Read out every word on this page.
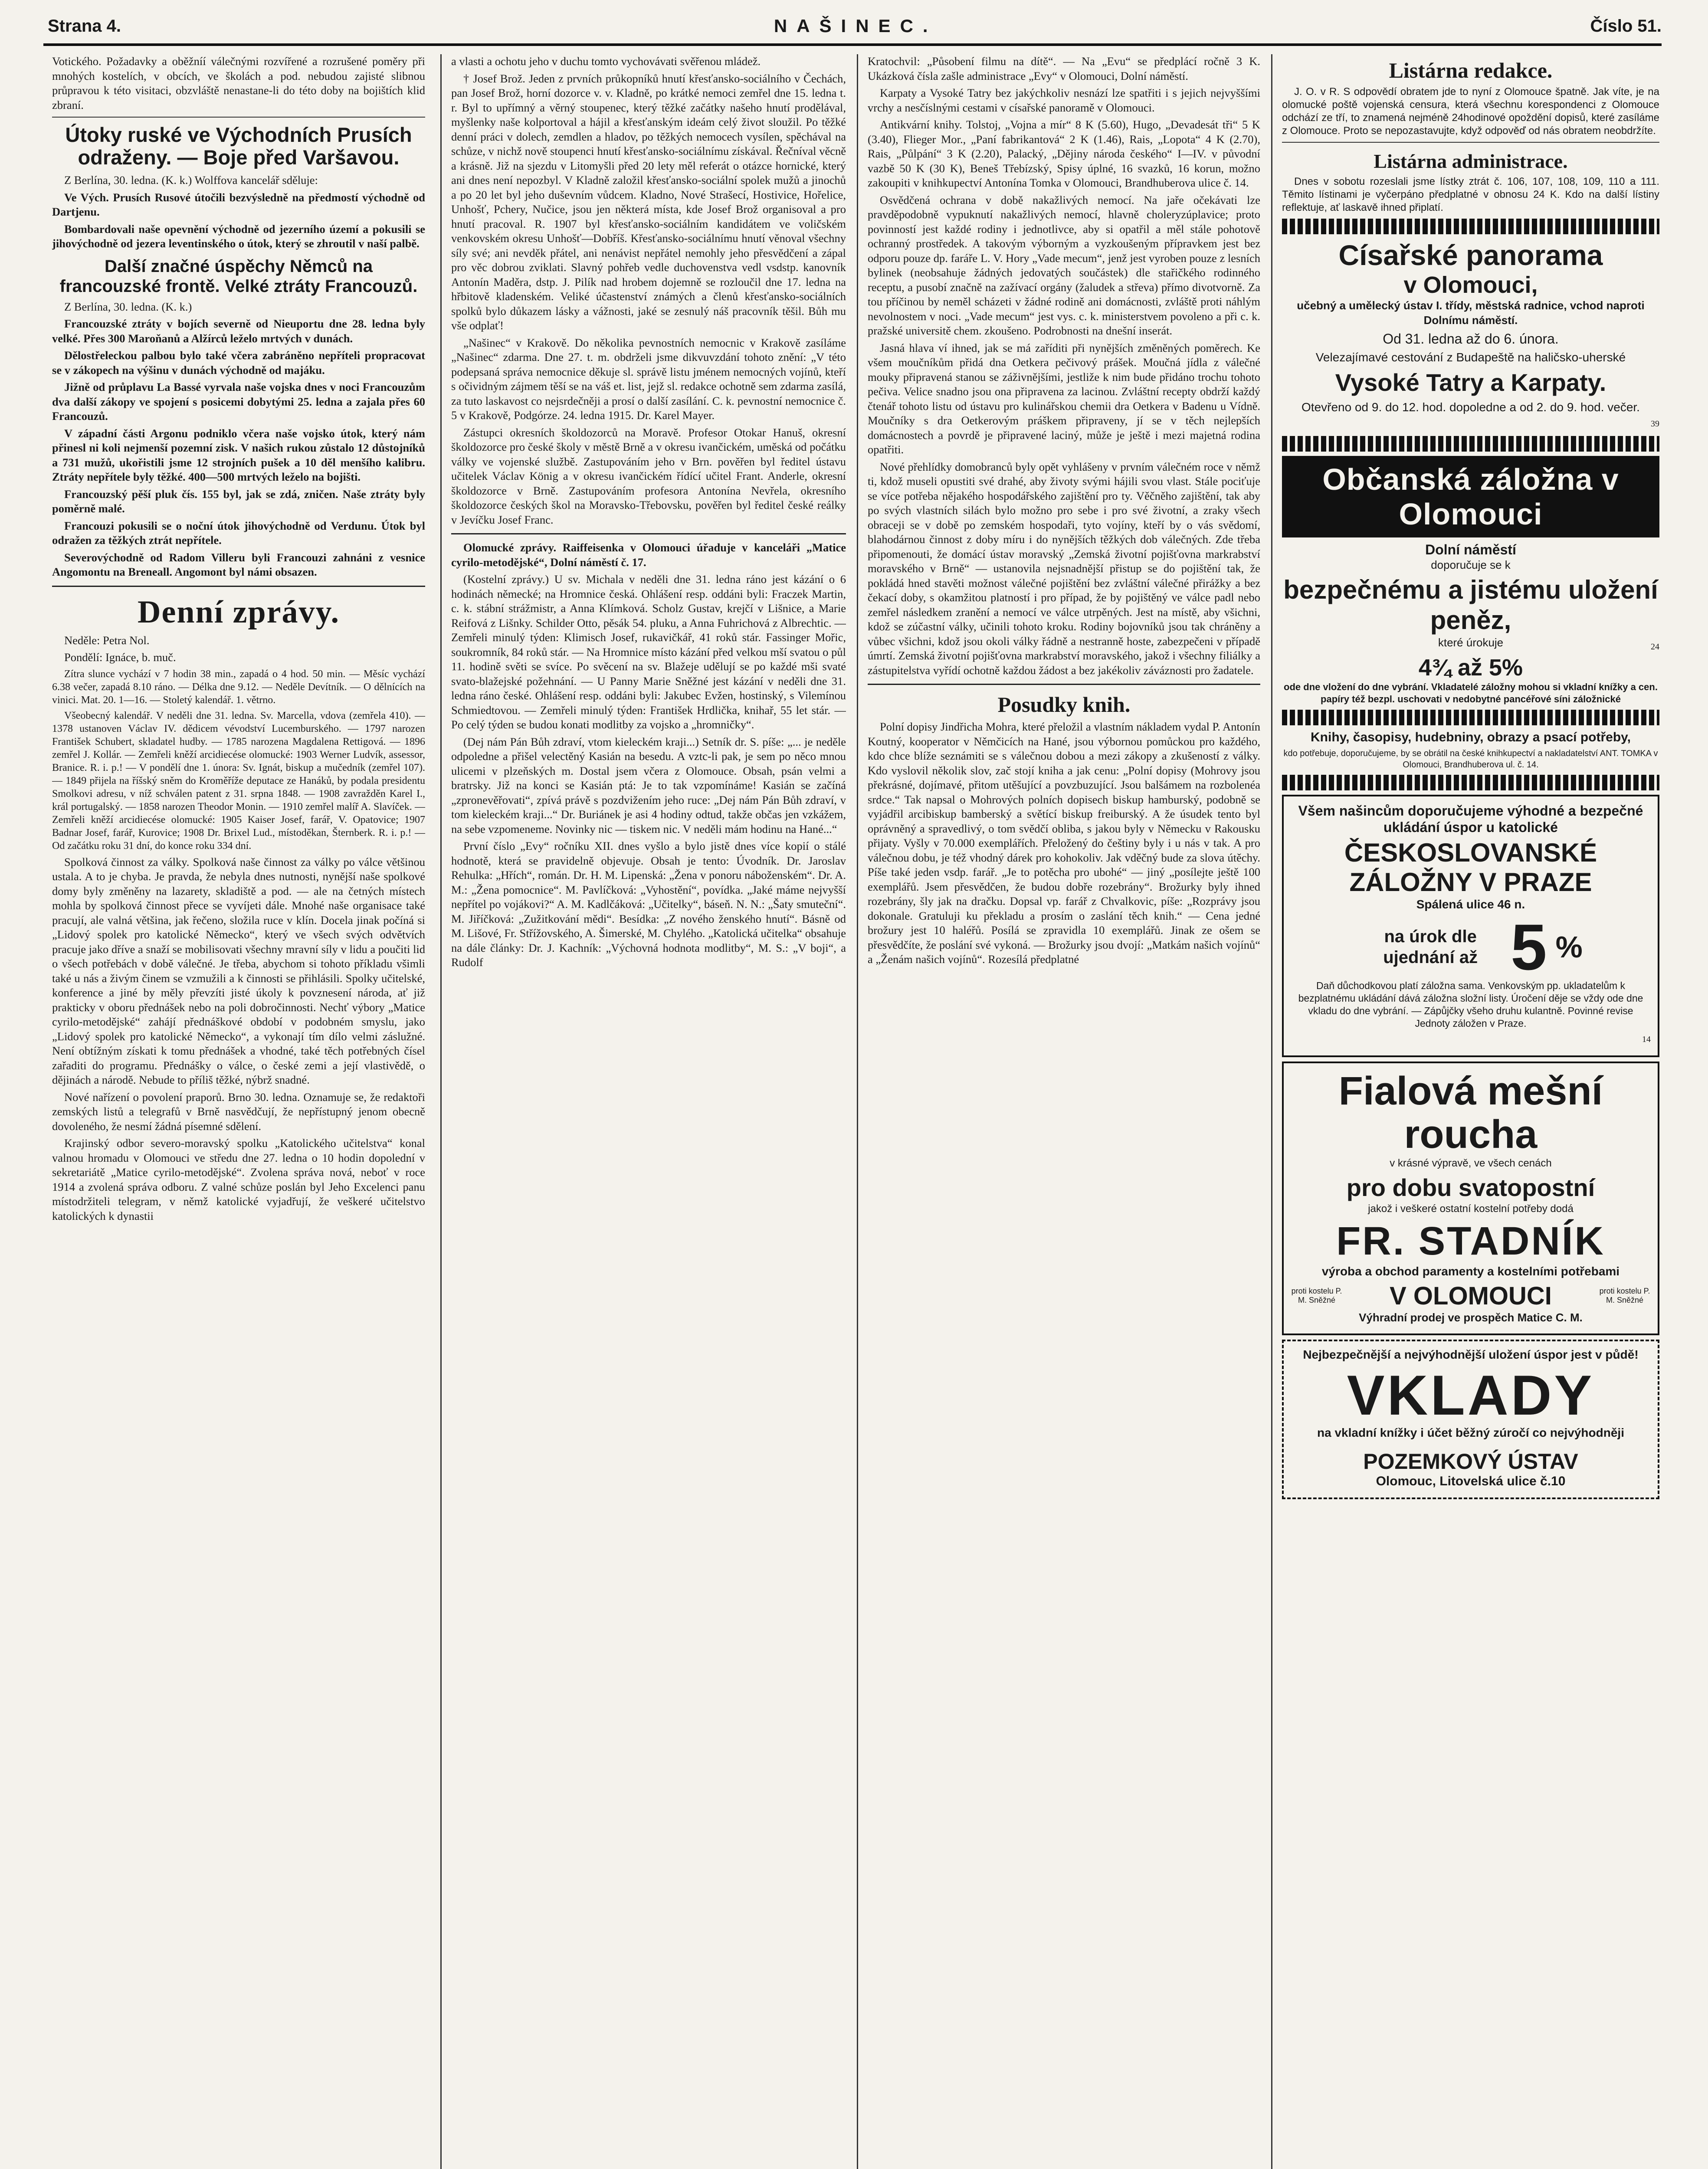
Strana 4.	NAŠINEC.	Číslo 51.

Votického. Požadavky a oběžníí válečnými rozvířené a rozrušené poměry při mnohých kostelích, v obcích, ve školách a pod. nebudou zajisté slibnou průpravou k této visitaci, obzvláště nenastane-li do této doby na bojištích klid zbraní.

Útoky ruské ve Východních Prusích odraženy. — Boje před Varšavou.

Z Berlína, 30. ledna. (K. k.) Wolffova kancelář sděluje:

Ve Vých. Prusích Rusové útočili bezvýsledně na předmostí východně od Dartjenu.

Bombardovali naše opevnění východně od jezerního území a pokusili se jihovýchodně od jezera leventinského o útok, který se zhroutil v naší palbě.

Další značné úspěchy Němců na francouzské frontě. Velké ztráty Francouzů.

Z Berlína, 30. ledna. (K. k.)

Francouzské ztráty v bojích severně od Nieuportu dne 28. ledna byly velké. Přes 300 Maroňanů a Alžírců leželo mrtvých v dunách.

Dělostřeleckou palbou bylo také včera zabráněno nepříteli propracovat se v zákopech na výšinu v dunách východně od majáku.

Jižně od průplavu La Bassé vyrvala naše vojska dnes v noci Francouzům dva další zákopy ve spojení s posicemi dobytými 25. ledna a zajala přes 60 Francouzů.

V západní části Argonu podniklo včera naše vojsko útok, který nám přinesl ni koli nejmenší pozemní zisk. V našich rukou zůstalo 12 důstojníků a 731 mužů, ukořistili jsme 12 strojních pušek a 10 děl menšího kalibru. Ztráty nepřítele byly těžké. 400—500 mrtvých leželo na bojišti.

Francouzský pěší pluk čís. 155 byl, jak se zdá, zničen. Naše ztráty byly poměrně malé.

Francouzi pokusili se o noční útok jihovýchodně od Verdunu. Útok byl odražen za těžkých ztrát nepřítele.

Severovýchodně od Radom Villeru byli Francouzi zahnáni z vesnice Angomontu na Breneall. Angomont byl námi obsazen.

Denní zprávy.

Neděle: Petra Nol.

Pondělí: Ignáce, b. muč.

Zítra slunce vychází v 7 hodin 38 min., zapadá o 4 hod. 50 min. — Měsíc vychází 6.38 večer, zapadá 8.10 ráno. — Délka dne 9.12. — Neděle Devítník. — O dělnících na vinici. Mat. 20. 1—16. — Stoletý kalendář. 1. větrno.

Všeobecný kalendář. V neděli dne 31. ledna. Sv. Marcella, vdova (zemřela 410). — 1378 ustanoven Václav IV. dědicem vévodství Lucemburského. — 1797 narozen František Schubert, skladatel hudby. — 1785 narozena Magdalena Rettigová. — 1896 zemřel J. Kollár. — Zemřeli kněží arcidiecése olomucké: 1903 Werner Ludvík, assessor, Branice. R. i. p.! — V pondělí dne 1. února: Sv. Ignát, biskup a mučedník (zemřel 107). — 1849 přijela na říšský sněm do Kroměříže deputace ze Hanáků, by podala presidentu Smolkovi adresu, v níž schválen patent z 31. srpna 1848. — 1908 zavražděn Karel I., král portugalský. — 1858 narozen Theodor Monin. — 1910 zemřel malíř A. Slavíček. — Zemřeli kněží arcidiecése olomucké: 1905 Kaiser Josef, farář, V. Opatovice; 1907 Badnar Josef, farář, Kurovice; 1908 Dr. Brixel Lud., místoděkan, Šternberk. R. i. p.! — Od začátku roku 31 dní, do konce roku 334 dní.

Spolková činnost za války. Spolková naše činnost za války po válce většinou ustala. A to je chyba. Je pravda, že nebyla dnes nutnosti, nynější naše spolkové domy byly změněny na lazarety, skladiště a pod. — ale na četných místech mohla by spolková činnost přece se vyvíjeti dále. Mnohé naše organisace také pracují, ale valná většina, jak řečeno, složila ruce v klín. Docela jinak počíná si „Lidový spolek pro katolické Německo“, který ve všech svých odvětvích pracuje jako dříve a snaží se mobilisovati všechny mravní síly v lidu a poučiti lid o všech potřebách v době válečné. Je třeba, abychom si tohoto příkladu všimli také u nás a živým činem se vzmužili a k činnosti se přihlásili. Spolky učitelské, konference a jiné by měly převzíti jisté úkoly k povznesení národa, ať již prakticky v oboru přednášek nebo na poli dobročinnosti. Nechť výbory „Matice cyrilo-metodějské“ zahájí přednáškové období v podobném smyslu, jako „Lidový spolek pro katolické Německo“, a vykonají tím dílo velmi záslužné. Není obtížným získati k tomu přednášek a vhodné, také těch potřebných čísel zařaditi do programu. Přednášky o válce, o české zemi a její vlastivědě, o dějinách a národě. Nebude to příliš těžké, nýbrž snadné.

Nové nařízení o povolení praporů. Brno 30. ledna. Oznamuje se, že redaktoři zemských listů a telegrafů v Brně nasvědčují, že nepřístupný jenom obecně dovoleného, že nesmí žádná písemné sdělení.

Krajinský odbor severo-moravský spolku „Katolického učitelstva“ konal valnou hromadu v Olomouci ve středu dne 27. ledna o 10 hodin dopolední v sekretariátě „Matice cyrilo-metodějské“. Zvolena správa nová, neboť v roce 1914 a zvolená správa odboru. Z valné schůze poslán byl Jeho Excelenci panu místodržiteli telegram, v němž katolické vyjadřují, že veškeré učitelstvo katolických k dynastii

a vlasti a ochotu jeho v duchu tomto vychovávati svěřenou mládež.

† Josef Brož. Jeden z prvních průkopníků hnutí křesťansko-sociálního v Čechách, pan Josef Brož, horní dozorce v. v. Kladně, po krátké nemoci zemřel dne 15. ledna t. r. Byl to upřímný a věrný stoupenec, který těžké začátky našeho hnutí prodělával, myšlenky naše kolportoval a hájil a křesťanským ideám celý život sloužil. Po těžké denní práci v dolech, zemdlen a hladov, po těžkých nemocech vysílen, spěchával na schůze, v nichž nově stoupenci hnutí křesťansko-sociálnímu získával. Řečníval věcně a krásně. Již na sjezdu v Litomyšli před 20 lety měl referát o otázce hornické, který ani dnes není nepozbyl. V Kladně založil křesťansko-sociální spolek mužů a jinochů a po 20 let byl jeho duševním vůdcem. Kladno, Nové Strašecí, Hostivice, Hořelice, Unhošť, Pchery, Nučice, jsou jen některá místa, kde Josef Brož organisoval a pro hnutí pracoval. R. 1907 byl křesťansko-sociálním kandidátem ve voličském venkovském okresu Unhošť—Dobříš. Křesťansko-sociálnímu hnutí věnoval všechny síly své; ani nevděk přátel, ani nenávist nepřátel nemohly jeho přesvědčení a zápal pro věc dobrou zviklati. Slavný pohřeb vedle duchovenstva vedl vsdstp. kanovník Antonín Maděra, dstp. J. Pilík nad hrobem dojemně se rozloučil dne 17. ledna na hřbitově kladenském. Veliké účastenství známých a členů křesťansko-sociálních spolků bylo důkazem lásky a vážnosti, jaké se zesnulý náš pracovník těšil. Bůh mu vše odplať!

„Našinec“ v Krakově. Do několika pevnostních nemocnic v Krakově zasíláme „Našinec“ zdarma. Dne 27. t. m. obdrželi jsme dikvuvzdání tohoto znění: „V této podepsaná správa nemocnice děkuje sl. správě listu jménem nemocných vojínů, kteří s očividným zájmem těší se na váš et. list, jejž sl. redakce ochotně sem zdarma zasílá, za tuto laskavost co nejsrdečněji a prosí o další zasílání. C. k. pevnostní nemocnice č. 5 v Krakově, Podgórze. 24. ledna 1915. Dr. Karel Mayer.

Zástupci okresních školdozorců na Moravě. Profesor Otokar Hanuš, okresní školdozorce pro české školy v městě Brně a v okresu ivančickém, uměská od počátku války ve vojenské službě. Zastupováním jeho v Brn. pověřen byl ředitel ústavu učitelek Václav König a v okresu ivančickém řídící učitel Frant. Anderle, okresní školdozorce v Brně. Zastupováním profesora Antonína Nevřela, okresního školdozorce českých škol na Moravsko-Třebovsku, pověřen byl ředitel české reálky v Jevíčku Josef Franc.

Olomucké zprávy. Raiffeisenka v Olomouci úřaduje v kanceláři „Matice cyrilo-metodějské“, Dolní náměstí č. 17.

(Kostelní zprávy.) U sv. Michala v neděli dne 31. ledna ráno jest kázání o 6 hodinách německé; na Hromnice česká. Ohlášení resp. oddáni byli: Fraczek Martin, c. k. stábní strážmistr, a Anna Klímková. Scholz Gustav, krejčí v Lišnice, a Marie Reifová z Lišnky. Schilder Otto, pěsák 54. pluku, a Anna Fuhrichová z Albrechtic. — Zemřeli minulý týden: Klimisch Josef, rukavičkář, 41 roků stár. Fassinger Mořic, soukromník, 84 roků stár. — Na Hromnice místo kázání před velkou mší svatou o půl 11. hodině světi se svíce. Po svěcení na sv. Blažeje udělují se po každé mši svaté svato-blažejské požehnání. — U Panny Marie Sněžné jest kázání v neděli dne 31. ledna ráno české. Ohlášení resp. oddáni byli: Jakubec Evžen, hostinský, s Vilemínou Schmiedtovou. — Zemřeli minulý týden: František Hrdlička, knihař, 55 let stár. — Po celý týden se budou konati modlitby za vojsko a „hromničky“.

(Dej nám Pán Bůh zdraví, vtom kieleckém kraji...) Setník dr. S. píše: „... je neděle odpoledne a přišel velectěný Kasián na besedu. A vztc-li pak, je sem po něco mnou ulicemi v plzeňských m. Dostal jsem včera z Olomouce. Obsah, psán velmi a bratrsky. Již na konci se Kasián ptá: Je to tak vzpomínáme! Kasián se začíná „zpronevěřovati“, zpívá právě s pozdvižením jeho ruce: „Dej nám Pán Bůh zdraví, v tom kieleckém kraji...“ Dr. Buriánek je asi 4 hodiny odtud, takže občas jen vzkážem, na sebe vzpomeneme. Novinky nic — tiskem nic. V neděli mám hodinu na Hané...“

První číslo „Evy“ ročníku XII. dnes vyšlo a bylo jistě dnes více kopií o stálé hodnotě, která se pravidelně objevuje. Obsah je tento: Úvodník. Dr. Jaroslav Rehulka: „Hřích“, román. Dr. H. M. Lipenská: „Žena v ponoru náboženském“. Dr. A. M.: „Žena pomocnice“. M. Pavlíčková: „Vyhostění“, povídka. „Jaké máme nejvyšší nepřítel po vojákovi?“ A. M. Kadlčáková: „Učitelky“, báseň. N. N.: „Šaty smuteční“. M. Jiříčková: „Zužitkování mědi“. Besídka: „Z nového ženského hnutí“. Básně od M. Lišové, Fr. Střížovského, A. Šimerské, M. Chylého. „Katolická učitelka“ obsahuje na dále články: Dr. J. Kachník: „Výchovná hodnota modlitby“, M. S.: „V boji“, a Rudolf

Kratochvil: „Působení filmu na dítě“. — Na „Evu“ se předplácí ročně 3 K. Ukázková čísla zašle administrace „Evy“ v Olomouci, Dolní náměstí.

Karpaty a Vysoké Tatry bez jakýchkoliv nesnází lze spatřiti i s jejich nejvyššími vrchy a nesčíslnými cestami v císařské panoramě v Olomouci.

Antikvární knihy. Tolstoj, „Vojna a mír“ 8 K (5.60), Hugo, „Devadesát tři“ 5 K (3.40), Flieger Mor., „Paní fabrikantová“ 2 K (1.46), Rais, „Lopota“ 4 K (2.70), Rais, „Půlpání“ 3 K (2.20), Palacký, „Dějiny národa českého“ I—IV. v původní vazbě 50 K (30 K), Beneš Třebízský, Spisy úplné, 16 svazků, 16 korun, možno zakoupiti v knihkupectví Antonína Tomka v Olomouci, Brandhuberova ulice č. 14.

Osvědčená ochrana v době nakažlivých nemocí. Na jaře očekávati lze pravděpodobně vypuknutí nakažlivých nemocí, hlavně choleryzúplavice; proto povinností jest každé rodiny i jednotlivce, aby si opatřil a měl stále pohotově ochranný prostředek. A takovým výborným a vyzkoušeným přípravkem jest bez odporu pouze dp. faráře L. V. Hory „Vade mecum“, jenž jest vyroben pouze z lesních bylinek (neobsahuje žádných jedovatých součástek) dle stařičkého rodinného receptu, a pusobí značně na zažívací orgány (žaludek a střeva) přímo divotvorně. Za tou příčinou by neměl scházeti v žádné rodině ani domácnosti, zvláště proti náhlým nevolnostem v noci. „Vade mecum“ jest vys. c. k. ministerstvem povoleno a při c. k. pražské universitě chem. zkoušeno. Podrobnosti na dnešní inserát.

Jasná hlava ví ihned, jak se má zaříditi při nynějších změněných poměrech. Ke všem moučníkům přidá dna Oetkera pečivový prášek. Moučná jídla z válečné mouky připravená stanou se záživnějšími, jestliže k nim bude přidáno trochu tohoto pečiva. Velice snadno jsou ona připravena za lacinou. Zvláštní recepty obdrží každý čtenář tohoto listu od ústavu pro kulinářskou chemii dra Oetkera v Badenu u Vídně. Moučníky s dra Oetkerovým práškem připraveny, jí se v těch nejlepších domácnostech a povrdě je připravené laciný, může je ještě i mezi majetná rodina opatřiti.

Nové přehlídky domobranců byly opět vyhlášeny v prvním válečném roce v němž ti, kdož museli opustiti své drahé, aby životy svými hájili svou vlast. Stále pociťuje se více potřeba nějakého hospodářského zajištění pro ty. Věčněho zajištění, tak aby po svých vlastních silách bylo možno pro sebe i pro své životní, a zraky všech obraceji se v době po zemském hospodaři, tyto vojíny, kteří by o vás svědomí, blahodárnou činnost z doby míru i do nynějších těžkých dob válečných. Zde třeba připomenouti, že domácí ústav moravský „Zemská životní pojišťovna markrabství moravského v Brně“ — ustanovila nejsnadnější přistup se do pojištění tak, že pokládá hned stavěti možnost válečné pojištění bez zvláštní válečné přirážky a bez čekací doby, s okamžitou platností i pro případ, že by pojištěný ve válce padl nebo zemřel následkem zranění a nemocí ve válce utrpěných. Jest na místě, aby všichni, kdož se zúčastní války, učinili tohoto kroku. Rodiny bojovníků jsou tak chráněny a vůbec všichni, kdož jsou okoli války řádně a nestranně hoste, zabezpečeni v případě úmrtí. Zemská životní pojišťovna markrabství moravského, jakož i všechny filiálky a zástupitelstva vyřídí ochotně každou žádost a bez jakékoliv záváznosti pro žadatele.

Posudky knih.

Polní dopisy Jindřicha Mohra, které přeložil a vlastním nákladem vydal P. Antonín Koutný, kooperator v Němčicích na Hané, jsou výbornou pomůckou pro každého, kdo chce blíže seznámiti se s válečnou dobou a mezi zákopy a zkušeností z války. Kdo vyslovil několik slov, zač stojí kniha a jak cenu: „Polní dopisy (Mohrovy jsou překrásné, dojímavé, přitom utěšující a povzbuzující. Jsou balšámem na rozbolenéa srdce.“ Tak napsal o Mohrových polních dopisech biskup hamburský, podobně se vyjádřil arcibiskup bamberský a světící biskup freiburský. A že úsudek tento byl oprávněný a spravedlivý, o tom svědčí obliba, s jakou byly v Německu v Rakousku přijaty. Vyšly v 70.000 exemplářích. Přeložený do češtiny byly i u nás v tak. A pro válečnou dobu, je též vhodný dárek pro kohokoliv. Jak vděčný bude za slova útěchy. Píše také jeden vsdp. farář. „Je to potěcha pro ubohé“ — jiný „posílejte ještě 100 exemplářů. Jsem přesvědčen, že budou dobře rozebrány“. Brožurky byly ihned rozebrány, šly jak na dračku. Dopsal vp. farář z Chvalkovic, píše: „Rozprávy jsou dokonale. Gratuluji ku překladu a prosím o zaslání těch knih.“ — Cena jedné brožury jest 10 haléřů. Posílá se zpravidla 10 exemplářů. Jinak ze ošem se přesvědčíte, že poslání své vykoná. — Brožurky jsou dvojí: „Matkám našich vojínů“ a „Ženám našich vojínů“. Rozesílá předplatné

Listárna redakce.

J. O. v R. S odpovědí obratem jde to nyní z Olomouce špatně. Jak víte, je na olomucké poště vojenská censura, která všechnu korespondenci z Olomouce odchází ze tří, to znamená nejméně 24hodinové opoždění dopisů, které zasíláme z Olomouce. Proto se nepozastavujte, když odpověď od nás obratem neobdržíte.

Listárna administrace.

Dnes v sobotu rozeslali jsme lístky ztrát č. 106, 107, 108, 109, 110 a 111. Těmito lístinami je vyčerpáno předplatné v obnosu 24 K. Kdo na další lístiny reflektuje, ať laskavě ihned připlatí.

Císařské panorama
v Olomouci,

učebný a umělecký ústav I. třídy, městská radnice, vchod naproti Dolnímu náměstí.

Od 31. ledna až do 6. února.

Velezajímavé cestování z Budapeště na haličsko-uherské

Vysoké Tatry a Karpaty.

Otevřeno od 9. do 12. hod. dopoledne a od 2. do 9. hod. večer.

39

Občanská záložna v Olomouci
Dolní náměstí

doporučuje se k

bezpečnému a jistému uložení peněz,

které úrokuje	24

4¾ až 5%

ode dne vložení do dne vybrání. Vkladatelé záložny mohou si vkladní knížky a cen. papíry též bezpl. uschovati v nedobytné pancéřové síni záložnické

Knihy, časopisy, hudebniny, obrazy a psací potřeby,

kdo potřebuje, doporučujeme, by se obrátil na české knihkupectví a nakladatelství ANT. TOMKA v Olomouci, Brandhuberova ul. č. 14.

Všem našincům doporučujeme výhodné a bezpečné ukládání úspor u katolické

ČESKOSLOVANSKÉ ZÁLOŽNY V PRAZE

Spálená ulice 46 n.

na úrok dle ujednání až 5 %

Daň důchodkovou platí záložna sama. Venkovským pp. ukladatelům k bezplatnému ukládání dává záložna složní listy. Úročení děje se vždy ode dne vkladu do dne vybrání. — Zápůjčky všeho druhu kulantně. Povinné revise Jednoty záložen v Praze.

14

Fialová mešní roucha

v krásné výpravě, ve všech cenách

pro dobu svatopostní

jakož i veškeré ostatní kostelní potřeby dodá

FR. STADNÍK

výroba a obchod paramenty a kostelními potřebami

proti kostelu P. M. Sněžné V OLOMOUCI	proti kostelu P. M. Sněžné

Výhradní prodej ve prospěch Matice C. M.

Nejbezpečnější a nejvýhodnější uložení úspor jest v půdě!

VKLADY

na vkladní knížky i účet běžný zúročí co nejvýhodněji

POZEMKOVÝ ÚSTAV

Olomouc, Litovelská ulice č.10
